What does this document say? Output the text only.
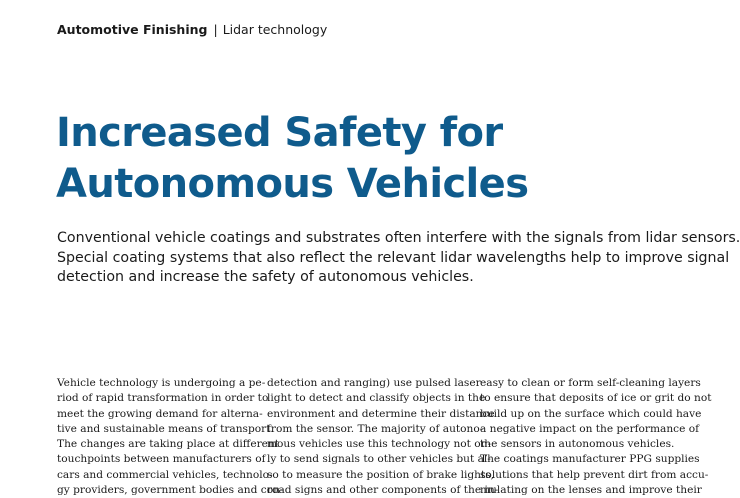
Automotive Finishing | Lidar technology
Increased Safety for
Autonomous Vehicles

Conventional vehicle coatings and substrates often interfere with the signals from lidar sensors.
Special coating systems that also reflect the relevant lidar wavelengths help to improve signal
detection and increase the safety of autonomous vehicles.

Vehicle technology is undergoing a pe-
riod of rapid transformation in order to
meet the growing demand for alterna-
tive and sustainable means of transport.
The changes are taking place at different
touchpoints between manufacturers of
cars and commercial vehicles, technolo-
gy providers, government bodies and con-
detection and ranging) use pulsed laser
light to detect and classify objects in the
environment and determine their distance
from the sensor. The majority of autono-
mous vehicles use this technology not on-
ly to send signals to other vehicles but al-
so to measure the position of brake lights,
road signs and other components of the in-
easy to clean or form self-cleaning layers
to ensure that deposits of ice or grit do not
build up on the surface which could have
a negative impact on the performance of
the sensors in autonomous vehicles.
The coatings manufacturer PPG supplies
solutions that help prevent dirt from accu-
mulating on the lenses and improve their
